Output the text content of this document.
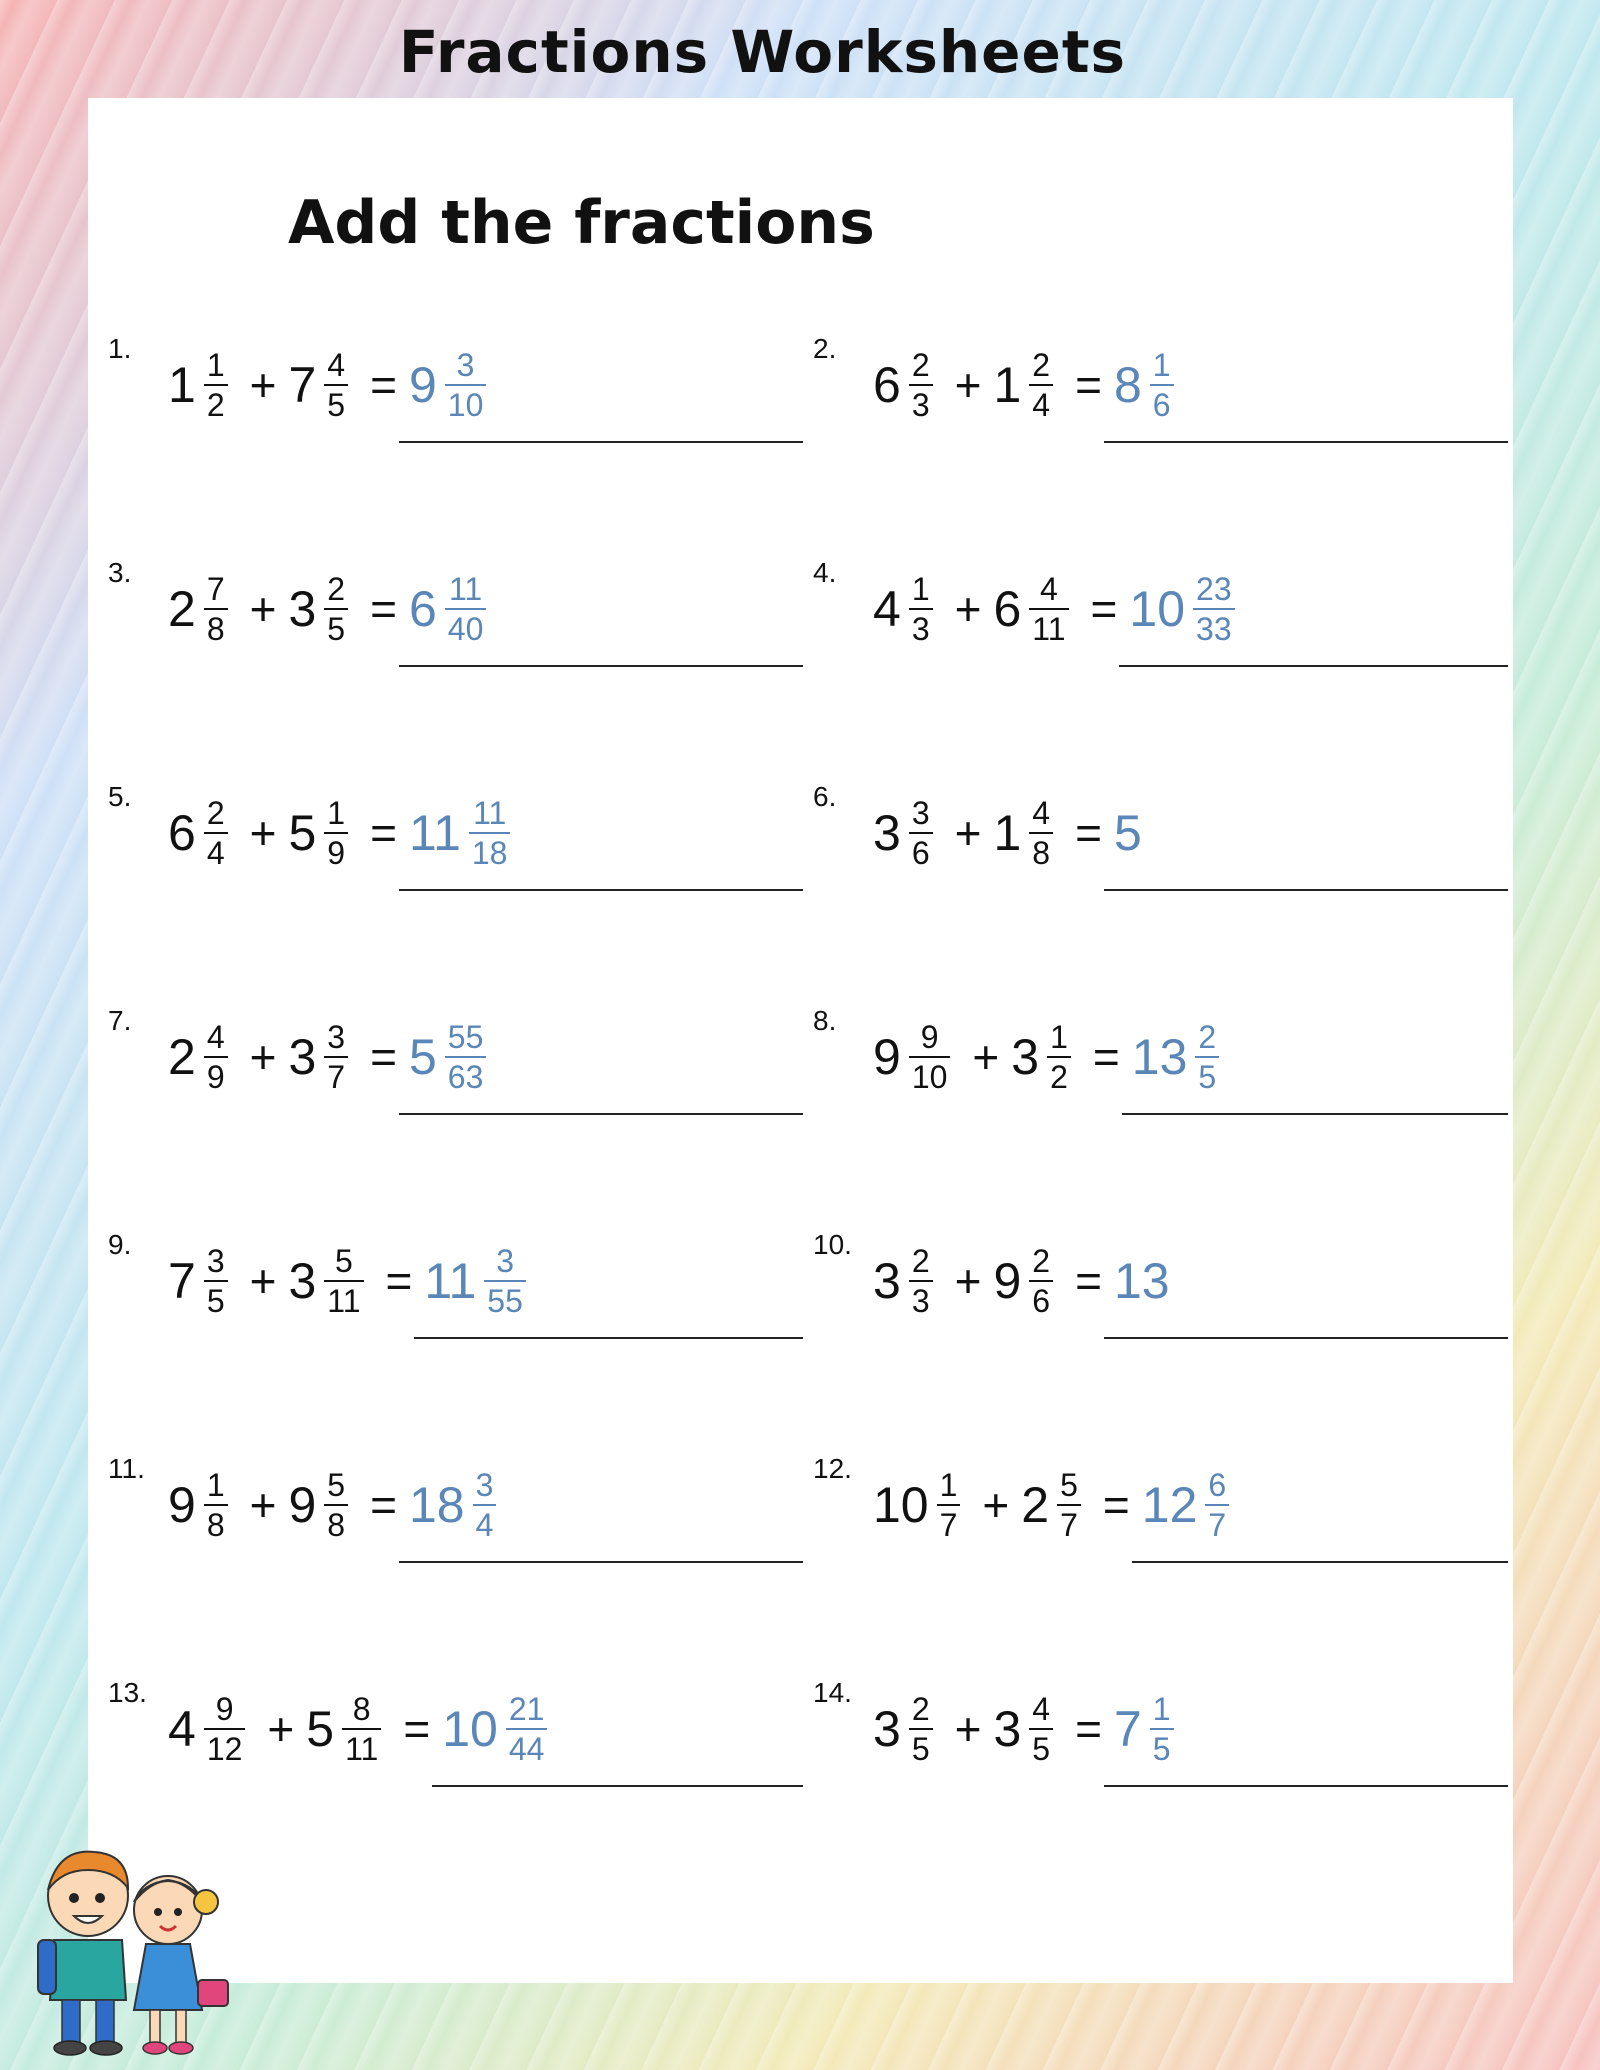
Fractions Worksheets
Add the fractions
1.
$1 \frac{1}{2} + 7 \frac{4}{5} = 9 \frac{3}{10}$
2.
$6 \frac{2}{3} + 1 \frac{2}{4} = 8 \frac{1}{6}$
3.
$2 \frac{7}{8} + 3 \frac{2}{5} = 6 \frac{11}{40}$
4.
$4 \frac{1}{3} + 6 \frac{4}{11} = 10 \frac{23}{33}$
5.
$6 \frac{2}{4} + 5 \frac{1}{9} = 11 \frac{11}{18}$
6.
$3 \frac{3}{6} + 1 \frac{4}{8} = 5$
7.
$2 \frac{4}{9} + 3 \frac{3}{7} = 5 \frac{55}{63}$
8.
$9 \frac{9}{10} + 3 \frac{1}{2} = 13 \frac{2}{5}$
9.
$7 \frac{3}{5} + 3 \frac{5}{11} = 11 \frac{3}{55}$
10.
$3 \frac{2}{3} + 9 \frac{2}{6} = 13$
11.
$9 \frac{1}{8} + 9 \frac{5}{8} = 18 \frac{3}{4}$
12.
$10 \frac{1}{7} + 2 \frac{5}{7} = 12 \frac{6}{7}$
13.
$4 \frac{9}{12} + 5 \frac{8}{11} = 10 \frac{21}{44}$
14.
$3 \frac{2}{5} + 3 \frac{4}{5} = 7 \frac{1}{5}$
